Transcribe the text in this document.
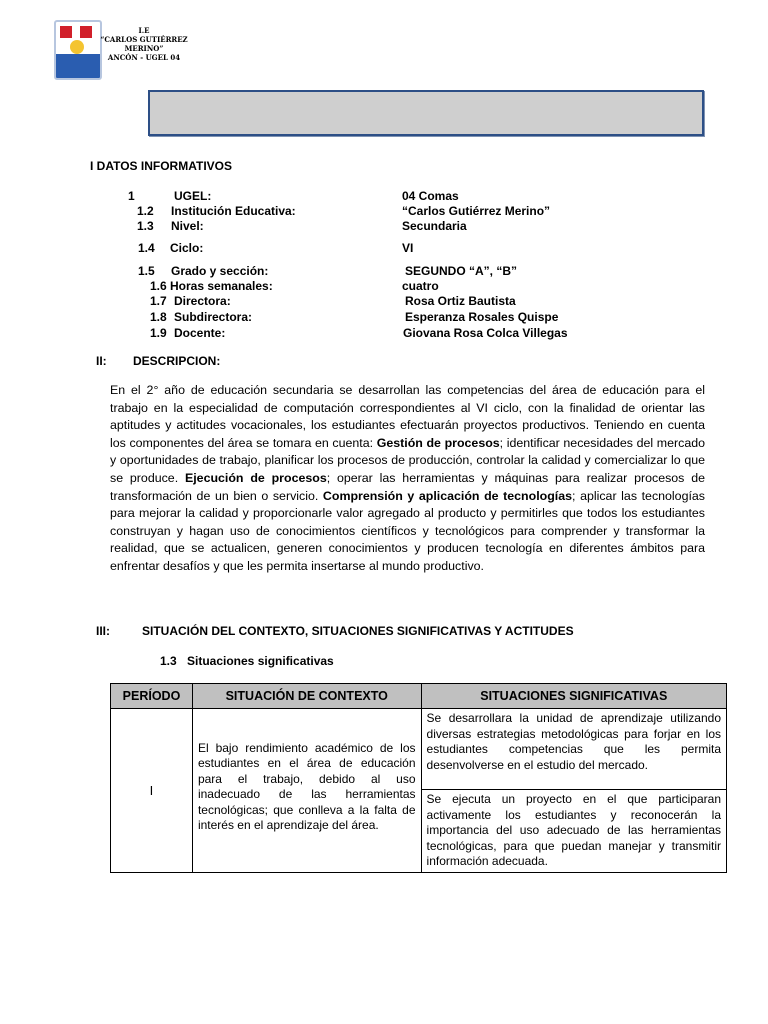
I.E
“CARLOS GUTIÉRREZ
MERINO”
ANCÓN - UGEL 04
I DATOS INFORMATIVOS
1	UGEL:	04 Comas
1.2 Institución Educativa:	“Carlos Gutiérrez Merino”
1.3 Nivel:	Secundaria
1.4 Ciclo:	VI
1.5 Grado y sección:	SEGUNDO “A”, “B”
1.6 Horas semanales:	cuatro
1.7 Directora:	Rosa Ortiz Bautista
1.8 Subdirectora:	Esperanza Rosales Quispe
1.9 Docente:	Giovana Rosa Colca Villegas
II: DESCRIPCION:
En el 2° año de educación secundaria se desarrollan las competencias del área de educación para el trabajo en la especialidad de computación correspondientes al VI ciclo, con la finalidad de orientar las aptitudes y actitudes vocacionales, los estudiantes efectuarán proyectos productivos. Teniendo en cuenta los componentes del área se tomara en cuenta: Gestión de procesos; identificar necesidades del mercado y oportunidades de trabajo, planificar los procesos de producción, controlar la calidad y comercializar lo que se produce. Ejecución de procesos; operar las herramientas y máquinas para realizar procesos de transformación de un bien o servicio. Comprensión y aplicación de tecnologías; aplicar las tecnologías para mejorar la calidad y proporcionarle valor agregado al producto y permitirles que todos los estudiantes construyan y hagan uso de conocimientos científicos y tecnológicos para comprender y transformar la realidad, que se actualicen, generen conocimientos y producen tecnología en diferentes ámbitos para enfrentar desafíos y que les permita insertarse al mundo productivo.
III:	SITUACIÓN DEL CONTEXTO, SITUACIONES SIGNIFICATIVAS Y ACTITUDES
1.3 Situaciones significativas
PERÍODO	SITUACIÓN DE CONTEXTO	SITUACIONES SIGNIFICATIVAS
I	El bajo rendimiento académico de los estudiantes en el área de educación para el trabajo, debido al uso inadecuado de las herramientas tecnológicas; que conlleva a la falta de interés en el aprendizaje del área.	Se desarrollara la unidad de aprendizaje utilizando diversas estrategias metodológicas para forjar en los estudiantes competencias que les permita desenvolverse en el estudio del mercado.
		Se ejecuta un proyecto en el que participaran activamente los estudiantes y reconocerán la importancia del uso adecuado de las herramientas tecnológicas, para que puedan manejar y transmitir información adecuada.
